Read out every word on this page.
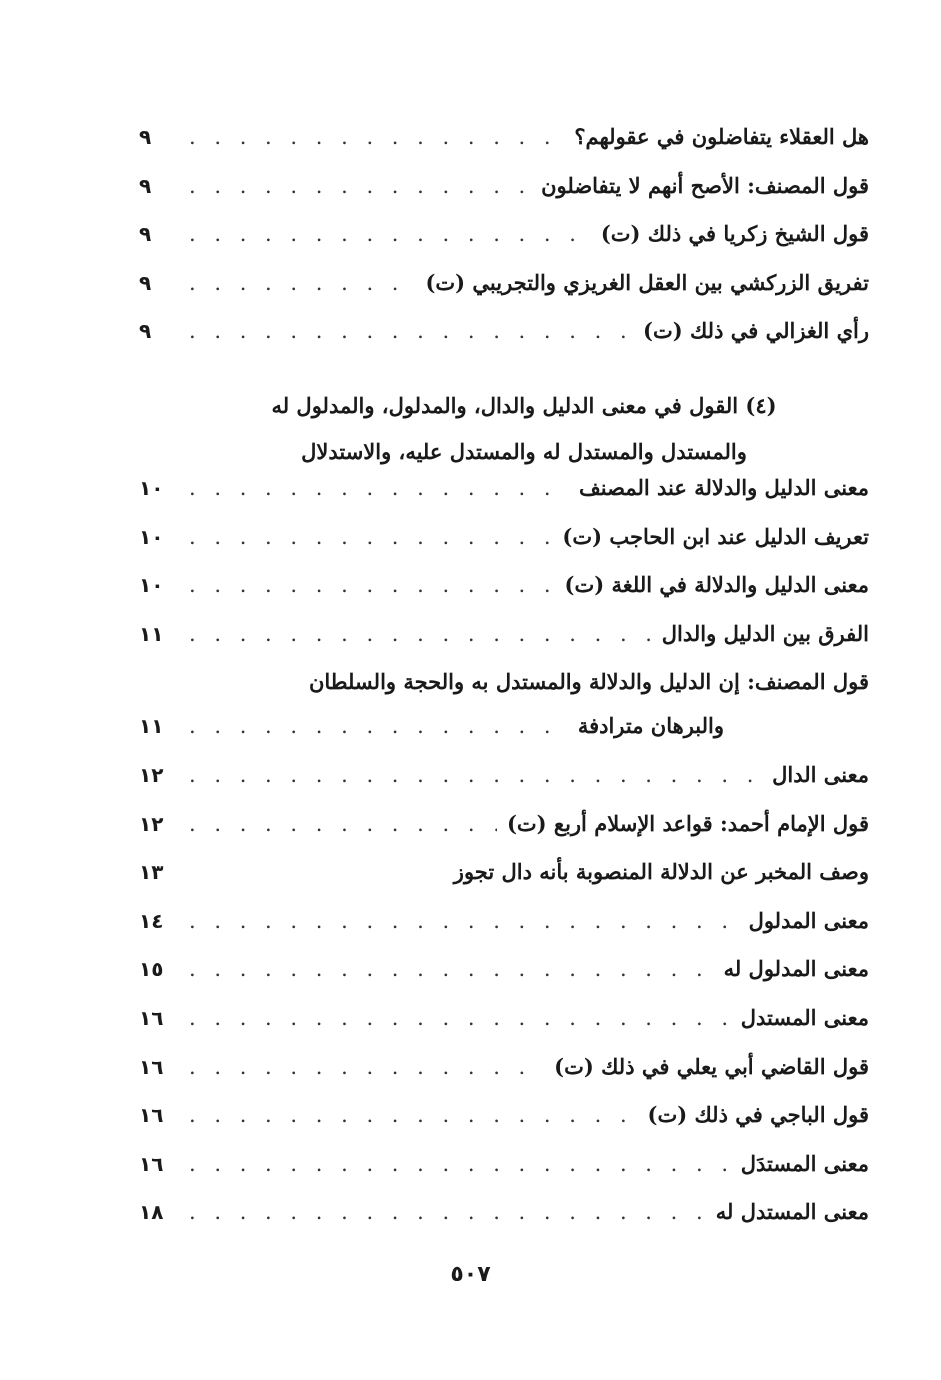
هل العقلاء يتفاضلون في عقولهم؟
. . .
٩
قول المصنف: الأصح أنهم لا يتفاضلون
. . .
٩
قول الشيخ زكريا في ذلك (ت)
. . .
٩
تفريق الزركشي بين العقل الغريزي والتجريبي (ت)
. . .
٩
رأي الغزالي في ذلك (ت)
. . .
٩
(٤) القول في معنى الدليل والدال، والمدلول، والمدلول له
والمستدل والمستدل له والمستدل عليه، والاستدلال
معنى الدليل والدلالة عند المصنف
. . .
١٠
تعريف الدليل عند ابن الحاجب (ت)
. . .
١٠
معنى الدليل والدلالة في اللغة (ت)
. . .
١٠
الفرق بين الدليل والدال
. . .
١١
قول المصنف: إن الدليل والدلالة والمستدل به والحجة والسلطان
والبرهان مترادفة
. . .
١١
معنى الدال
. . .
١٢
قول الإمام أحمد: قواعد الإسلام أربع (ت)
. . .
١٢
وصف المخبر عن الدلالة المنصوبة بأنه دال تجوز
١٣
معنى المدلول
. . .
١٤
معنى المدلول له
. . .
١٥
معنى المستدل
. . .
١٦
قول القاضي أبي يعلي في ذلك (ت)
. . .
١٦
قول الباجي في ذلك (ت)
. . .
١٦
معنى المستدَل
. . .
١٦
معنى المستدل له
. . .
١٨
٥٠٧
